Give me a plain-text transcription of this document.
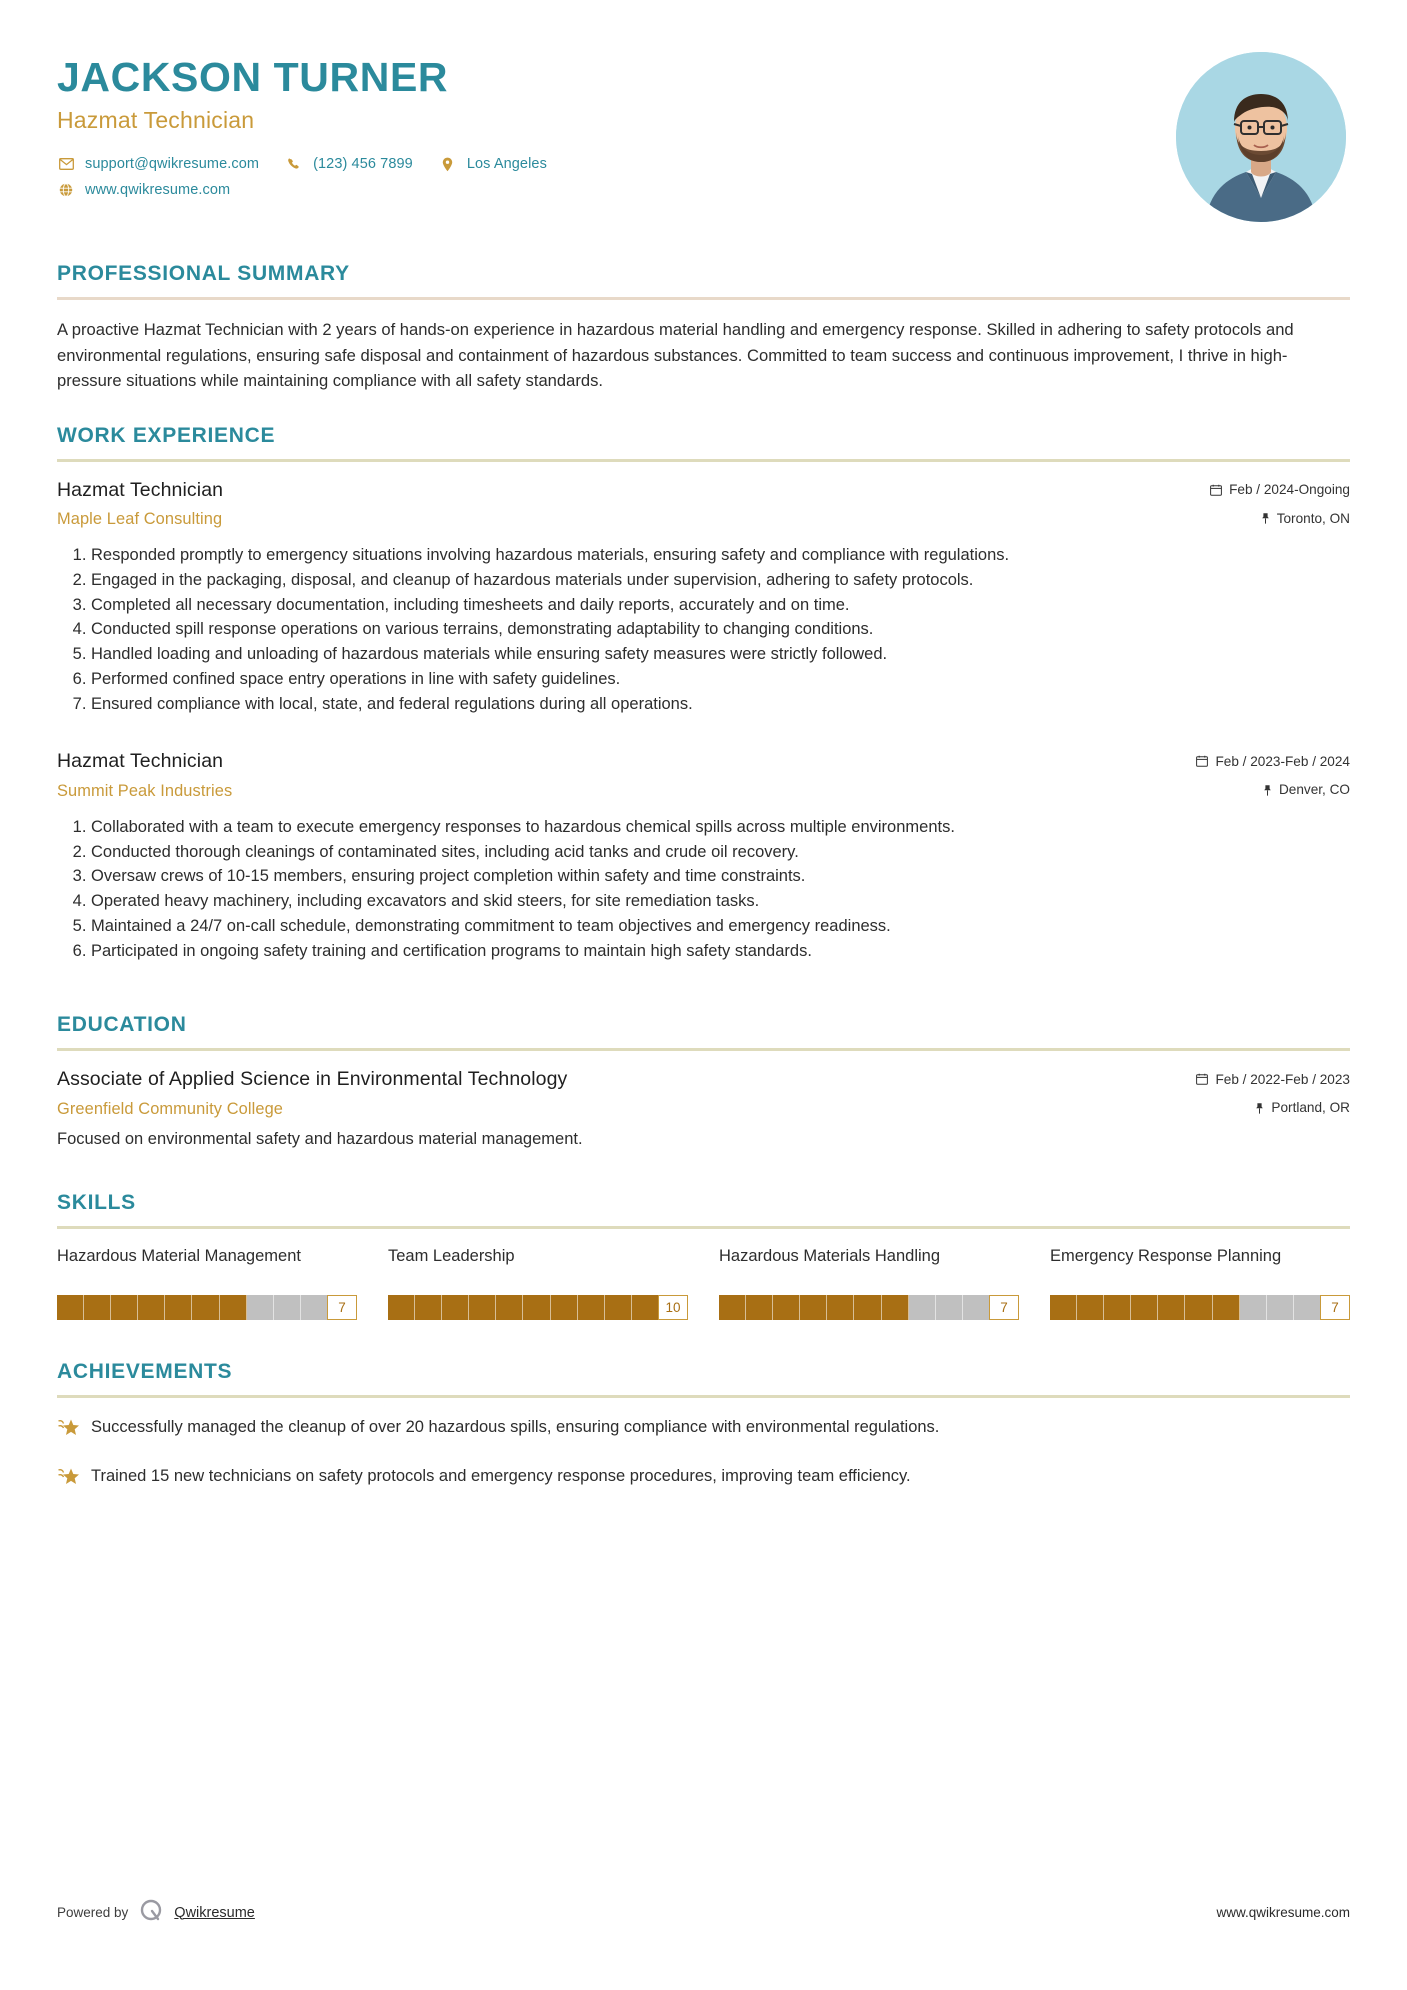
JACKSON TURNER
Hazmat Technician
support@qwikresume.com	(123) 456 7899	Los Angeles
www.qwikresume.com
PROFESSIONAL SUMMARY
A proactive Hazmat Technician with 2 years of hands-on experience in hazardous material handling and emergency response. Skilled in adhering to safety protocols and environmental regulations, ensuring safe disposal and containment of hazardous substances. Committed to team success and continuous improvement, I thrive in high-pressure situations while maintaining compliance with all safety standards.
WORK EXPERIENCE
Hazmat Technician	Feb / 2024-Ongoing
Maple Leaf Consulting	Toronto, ON
1. Responded promptly to emergency situations involving hazardous materials, ensuring safety and compliance with regulations.
2. Engaged in the packaging, disposal, and cleanup of hazardous materials under supervision, adhering to safety protocols.
3. Completed all necessary documentation, including timesheets and daily reports, accurately and on time.
4. Conducted spill response operations on various terrains, demonstrating adaptability to changing conditions.
5. Handled loading and unloading of hazardous materials while ensuring safety measures were strictly followed.
6. Performed confined space entry operations in line with safety guidelines.
7. Ensured compliance with local, state, and federal regulations during all operations.
Hazmat Technician	Feb / 2023-Feb / 2024
Summit Peak Industries	Denver, CO
1. Collaborated with a team to execute emergency responses to hazardous chemical spills across multiple environments.
2. Conducted thorough cleanings of contaminated sites, including acid tanks and crude oil recovery.
3. Oversaw crews of 10-15 members, ensuring project completion within safety and time constraints.
4. Operated heavy machinery, including excavators and skid steers, for site remediation tasks.
5. Maintained a 24/7 on-call schedule, demonstrating commitment to team objectives and emergency readiness.
6. Participated in ongoing safety training and certification programs to maintain high safety standards.
EDUCATION
Associate of Applied Science in Environmental Technology	Feb / 2022-Feb / 2023
Greenfield Community College	Portland, OR
Focused on environmental safety and hazardous material management.
SKILLS
Hazardous Material Management
7
Team Leadership
10
Hazardous Materials Handling
7
Emergency Response Planning
7
ACHIEVEMENTS
Successfully managed the cleanup of over 20 hazardous spills, ensuring compliance with environmental regulations.
Trained 15 new technicians on safety protocols and emergency response procedures, improving team efficiency.
Powered by	Qwikresume	www.qwikresume.com
